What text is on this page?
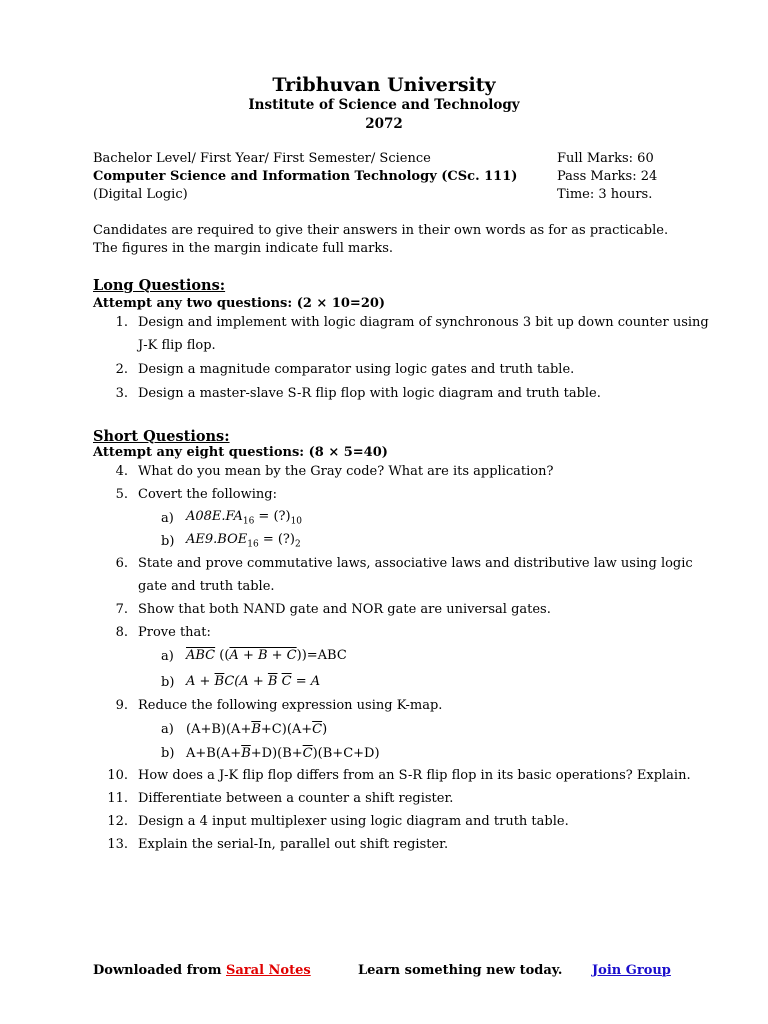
Tribhuvan University
Institute of Science and Technology
2072
Bachelor Level/ First Year/ First Semester/ Science
Computer Science and Information Technology (CSc. 111)
(Digital Logic)
Full Marks: 60
Pass Marks: 24
Time: 3 hours.
Candidates are required to give their answers in their own words as for as practicable.
The figures in the margin indicate full marks.
Long Questions:
Attempt any two questions: (2 × 10=20)
1. Design and implement with logic diagram of synchronous 3 bit up down counter using
J-K flip flop.
2. Design a magnitude comparator using logic gates and truth table.
3. Design a master-slave S-R flip flop with logic diagram and truth table.
Short Questions:
Attempt any eight questions: (8 × 5=40)
4. What do you mean by the Gray code? What are its application?
5. Covert the following:
a) $A08E.FA_{16}$ = $(?)_{10}$
b) $AE9.BOE_{16}$ = $(?)_2$
6. State and prove commutative laws, associative laws and distributive law using logic
gate and truth table.
7. Show that both NAND gate and NOR gate are universal gates.
8. Prove that:
a) $\overline{ABC}$ ((A + B + C))=ABC
b) $A + \overline{B}C(A + \overline{B}$ $\overline{C} = A$
9. Reduce the following expression using K-map.
a) $(A+B)(A+\overline{B}+C)(A+\overline{C})$
b) $A+B(A+\overline{B}+D)(B+\overline{C})(B+C+D)$
10. How does a J-K flip flop differs from an S-R flip flop in its basic operations? Explain.
11. Differentiate between a counter a shift register.
12. Design a 4 input multiplexer using logic diagram and truth table.
13. Explain the serial-In, parallel out shift register.
Downloaded from Saral Notes	Learn something new today. Join Group
